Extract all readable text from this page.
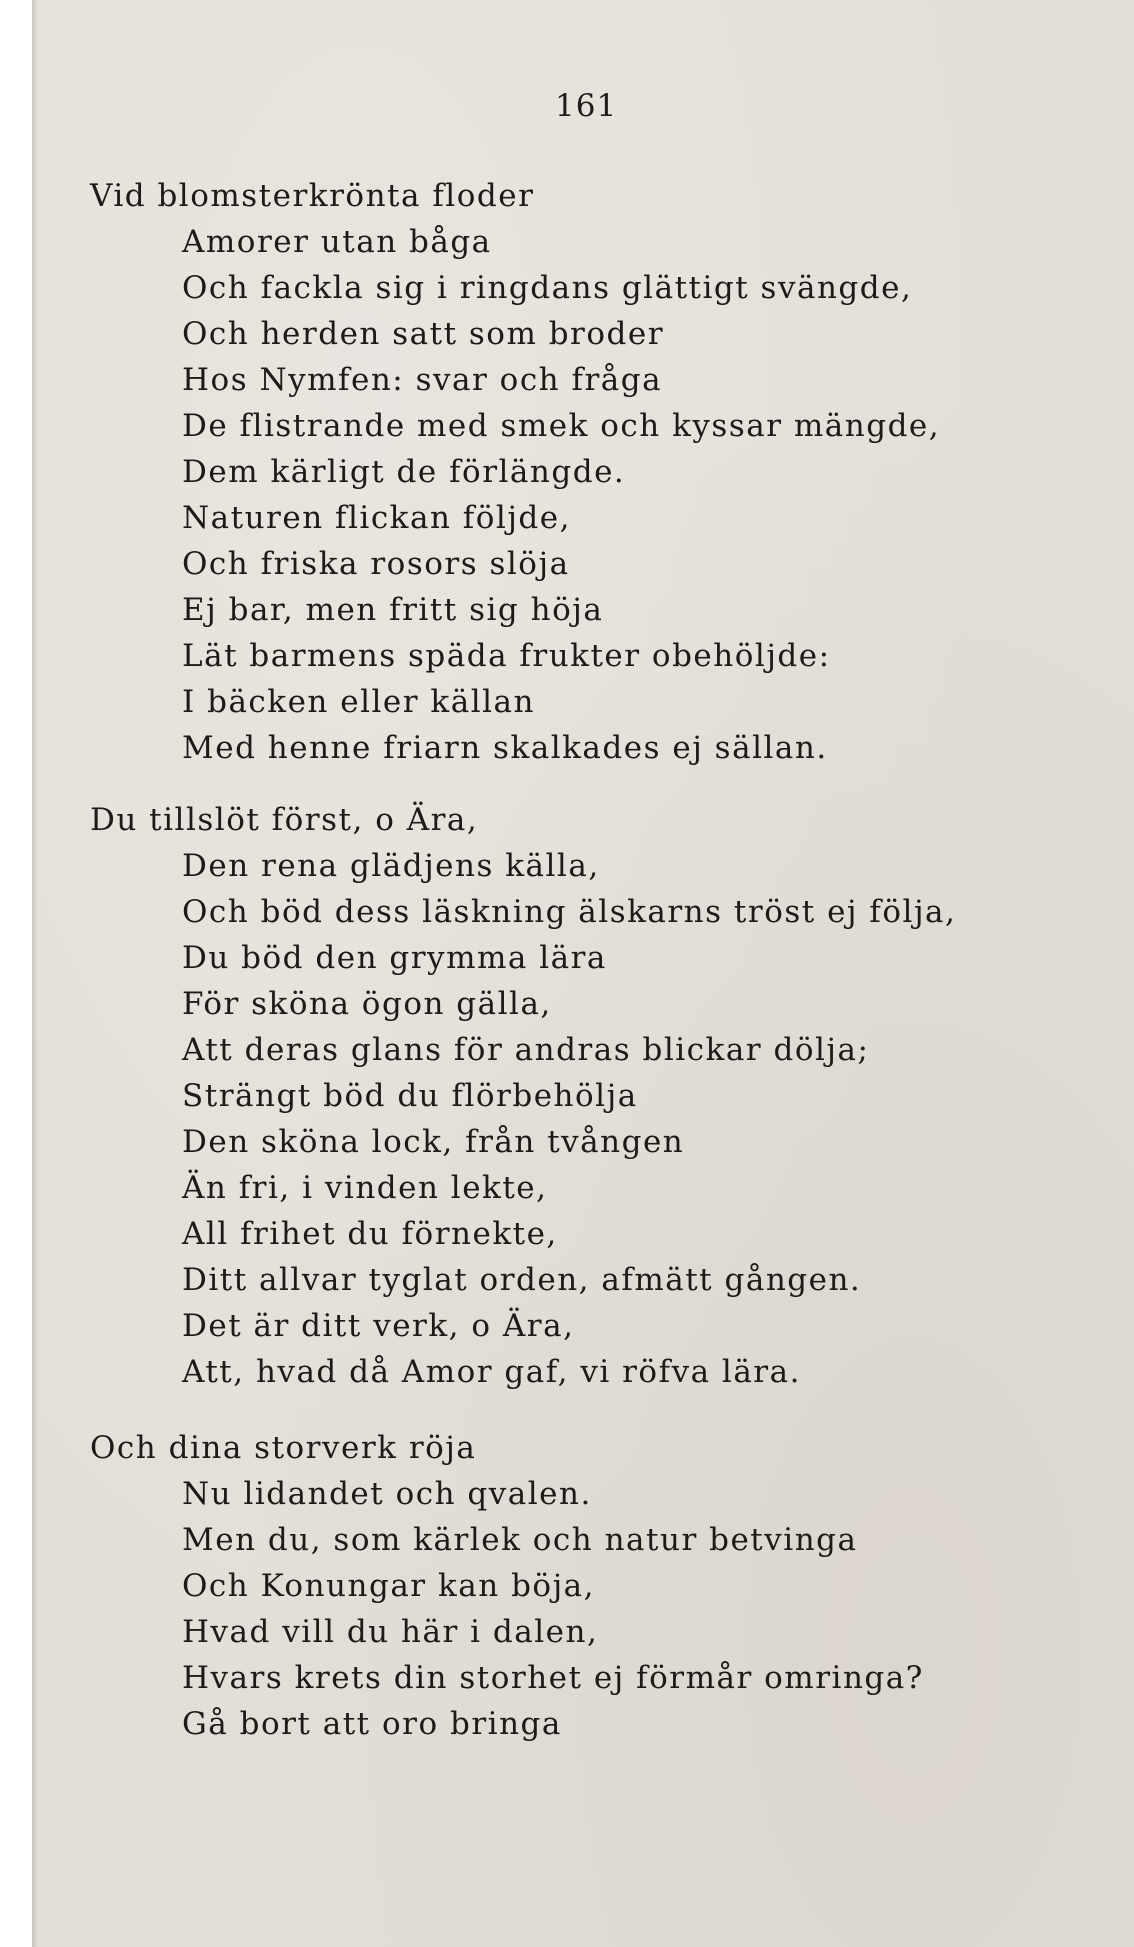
161
Vid blomsterkrönta floder
Amorer utan båga
Och fackla sig i ringdans glättigt svängde,
Och herden satt som broder
Hos Nymfen: svar och fråga
De flistrande med smek och kyssar mängde,
Dem kärligt de förlängde.
Naturen flickan följde,
Och friska rosors slöja
Ej bar, men fritt sig höja
Lät barmens späda frukter obehöljde:
I bäcken eller källan
Med henne friarn skalkades ej sällan.
Du tillslöt först, o Ära,
Den rena glädjens källa,
Och böd dess läskning älskarns tröst ej följa,
Du böd den grymma lära
För sköna ögon gälla,
Att deras glans för andras blickar dölja;
Strängt böd du flörbehölja
Den sköna lock, från tvången
Än fri, i vinden lekte,
All frihet du förnekte,
Ditt allvar tyglat orden, afmätt gången.
Det är ditt verk, o Ära,
Att, hvad då Amor gaf, vi röfva lära.
Och dina storverk röja
Nu lidandet och qvalen.
Men du, som kärlek och natur betvinga
Och Konungar kan böja,
Hvad vill du här i dalen,
Hvars krets din storhet ej förmår omringa?
Gå bort att oro bringa
